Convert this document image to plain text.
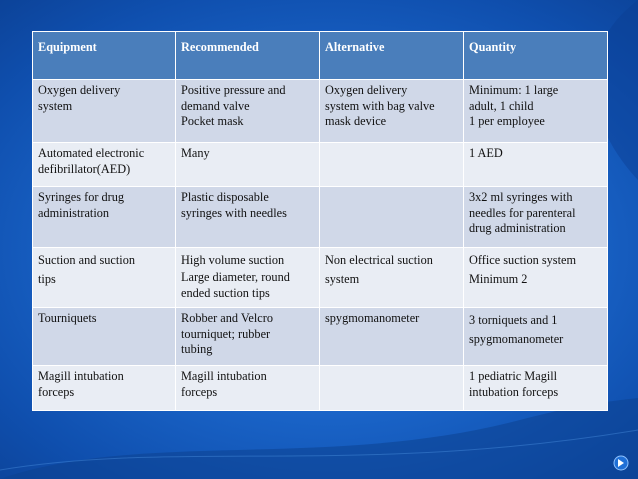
Equipment	Recommended	Alternative	Quantity

Oxygen delivery
system	Positive pressure and
demand valve
Pocket mask	Oxygen delivery
system with bag valve
mask device	Minimum: 1 large
adult, 1 child
1 per employee

Automated electronic
defibrillator(AED)	Many		1 AED

Syringes for drug
administration	Plastic disposable
syringes with needles		3x2 ml syringes with
needles for parenteral
drug administration

Suction and suction
tips	High volume suction
Large diameter, round
ended suction tips	Non electrical suction
system	Office suction system
Minimum 2

Tourniquets	Robber and Velcro
tourniquet; rubber
tubing	spygmomanometer	3 torniquets and 1
spygmomanometer

Magill intubation
forceps	Magill intubation
forceps		1 pediatric Magill
intubation forceps
